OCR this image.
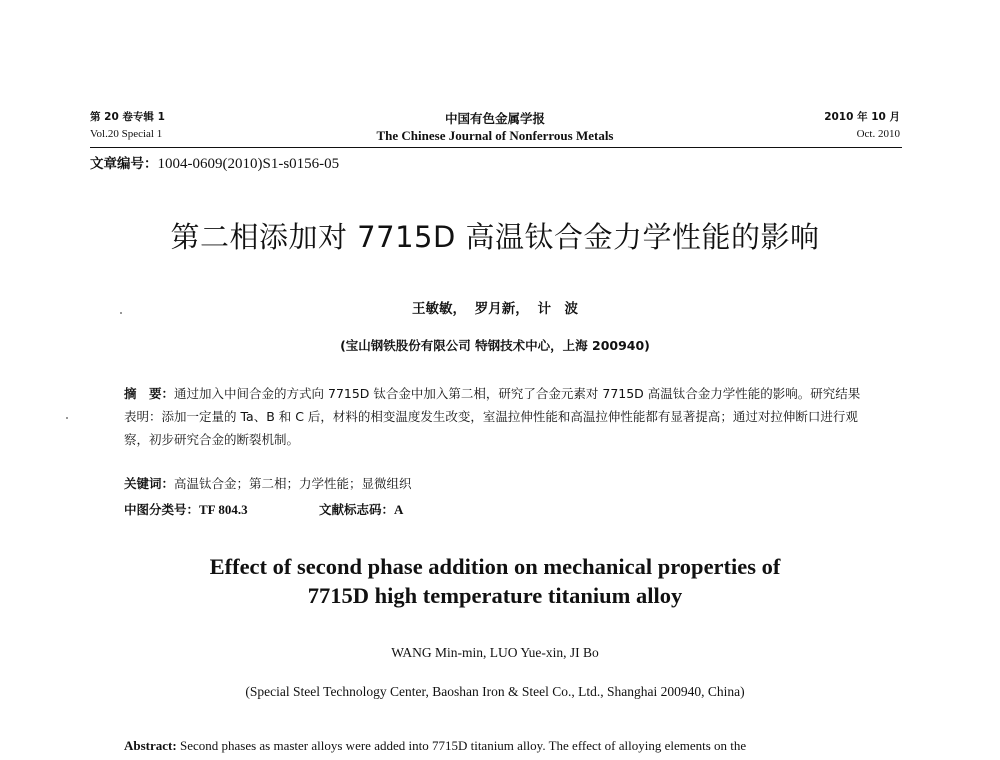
第 20 卷专辑 1	中国有色金属学报	2010 年 10 月
Vol.20 Special 1	The Chinese Journal of Nonferrous Metals	Oct. 2010
文章编号：1004-0609(2010)S1-s0156-05
第二相添加对 7715D 高温钛合金力学性能的影响
王敏敏， 罗月新， 计　波
(宝山钢铁股份有限公司 特钢技术中心，上海 200940)
摘　要：通过加入中间合金的方式向 7715D 钛合金中加入第二相，研究了合金元素对 7715D 高温钛合金力学性能的影响。研究结果表明：添加一定量的 Ta、B 和 C 后，材料的相变温度发生改变，室温拉伸性能和高温拉伸性能都有显著提高；通过对拉伸断口进行观察，初步研究合金的断裂机制。
关键词：高温钛合金；第二相；力学性能；显微组织
中图分类号：TF 804.3	文献标志码：A
Effect of second phase addition on mechanical properties of
7715D high temperature titanium alloy
WANG Min-min, LUO Yue-xin, JI Bo
(Special Steel Technology Center, Baoshan Iron & Steel Co., Ltd., Shanghai 200940, China)
Abstract: Second phases as master alloys were added into 7715D titanium alloy. The effect of alloying elements on the
